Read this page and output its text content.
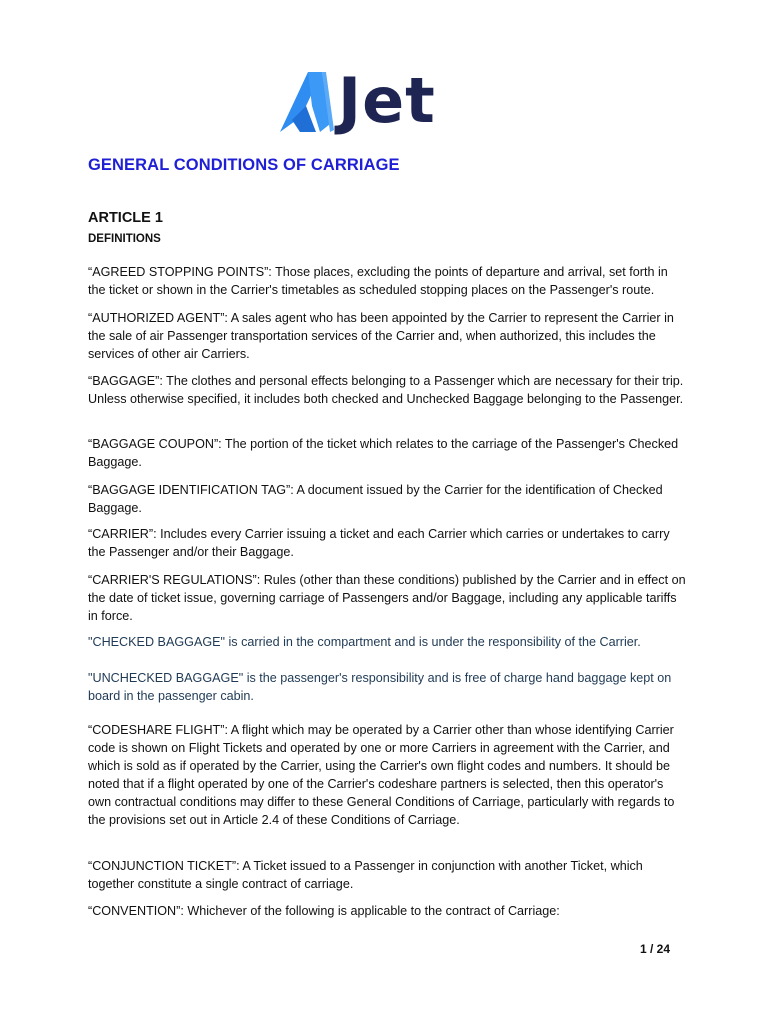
Jet
GENERAL CONDITIONS OF CARRIAGE
ARTICLE 1
DEFINITIONS

“AGREED STOPPING POINTS”: Those places, excluding the points of departure and arrival, set forth in the ticket or shown in the Carrier's timetables as scheduled stopping places on the Passenger's route.

“AUTHORIZED AGENT”: A sales agent who has been appointed by the Carrier to represent the Carrier in the sale of air Passenger transportation services of the Carrier and, when authorized, this includes the services of other air Carriers.

“BAGGAGE”: The clothes and personal effects belonging to a Passenger which are necessary for their trip. Unless otherwise specified, it includes both checked and Unchecked Baggage belonging to the Passenger.

“BAGGAGE COUPON”: The portion of the ticket which relates to the carriage of the Passenger's Checked Baggage.

“BAGGAGE IDENTIFICATION TAG”: A document issued by the Carrier for the identification of Checked Baggage.

“CARRIER”: Includes every Carrier issuing a ticket and each Carrier which carries or undertakes to carry the Passenger and/or their Baggage.

“CARRIER'S REGULATIONS”: Rules (other than these conditions) published by the Carrier and in effect on the date of ticket issue, governing carriage of Passengers and/or Baggage, including any applicable tariffs in force.

"CHECKED BAGGAGE" is carried in the compartment and is under the responsibility of the Carrier.

"UNCHECKED BAGGAGE" is the passenger's responsibility and is free of charge hand baggage kept on board in the passenger cabin.

“CODESHARE FLIGHT”: A flight which may be operated by a Carrier other than whose identifying Carrier code is shown on Flight Tickets and operated by one or more Carriers in agreement with the Carrier, and which is sold as if operated by the Carrier, using the Carrier's own flight codes and numbers. It should be noted that if a flight operated by one of the Carrier's codeshare partners is selected, then this operator's own contractual conditions may differ to these General Conditions of Carriage, particularly with regards to the provisions set out in Article 2.4 of these Conditions of Carriage.

“CONJUNCTION TICKET”: A Ticket issued to a Passenger in conjunction with another Ticket, which together constitute a single contract of carriage.

“CONVENTION”: Whichever of the following is applicable to the contract of Carriage:

1 / 24
